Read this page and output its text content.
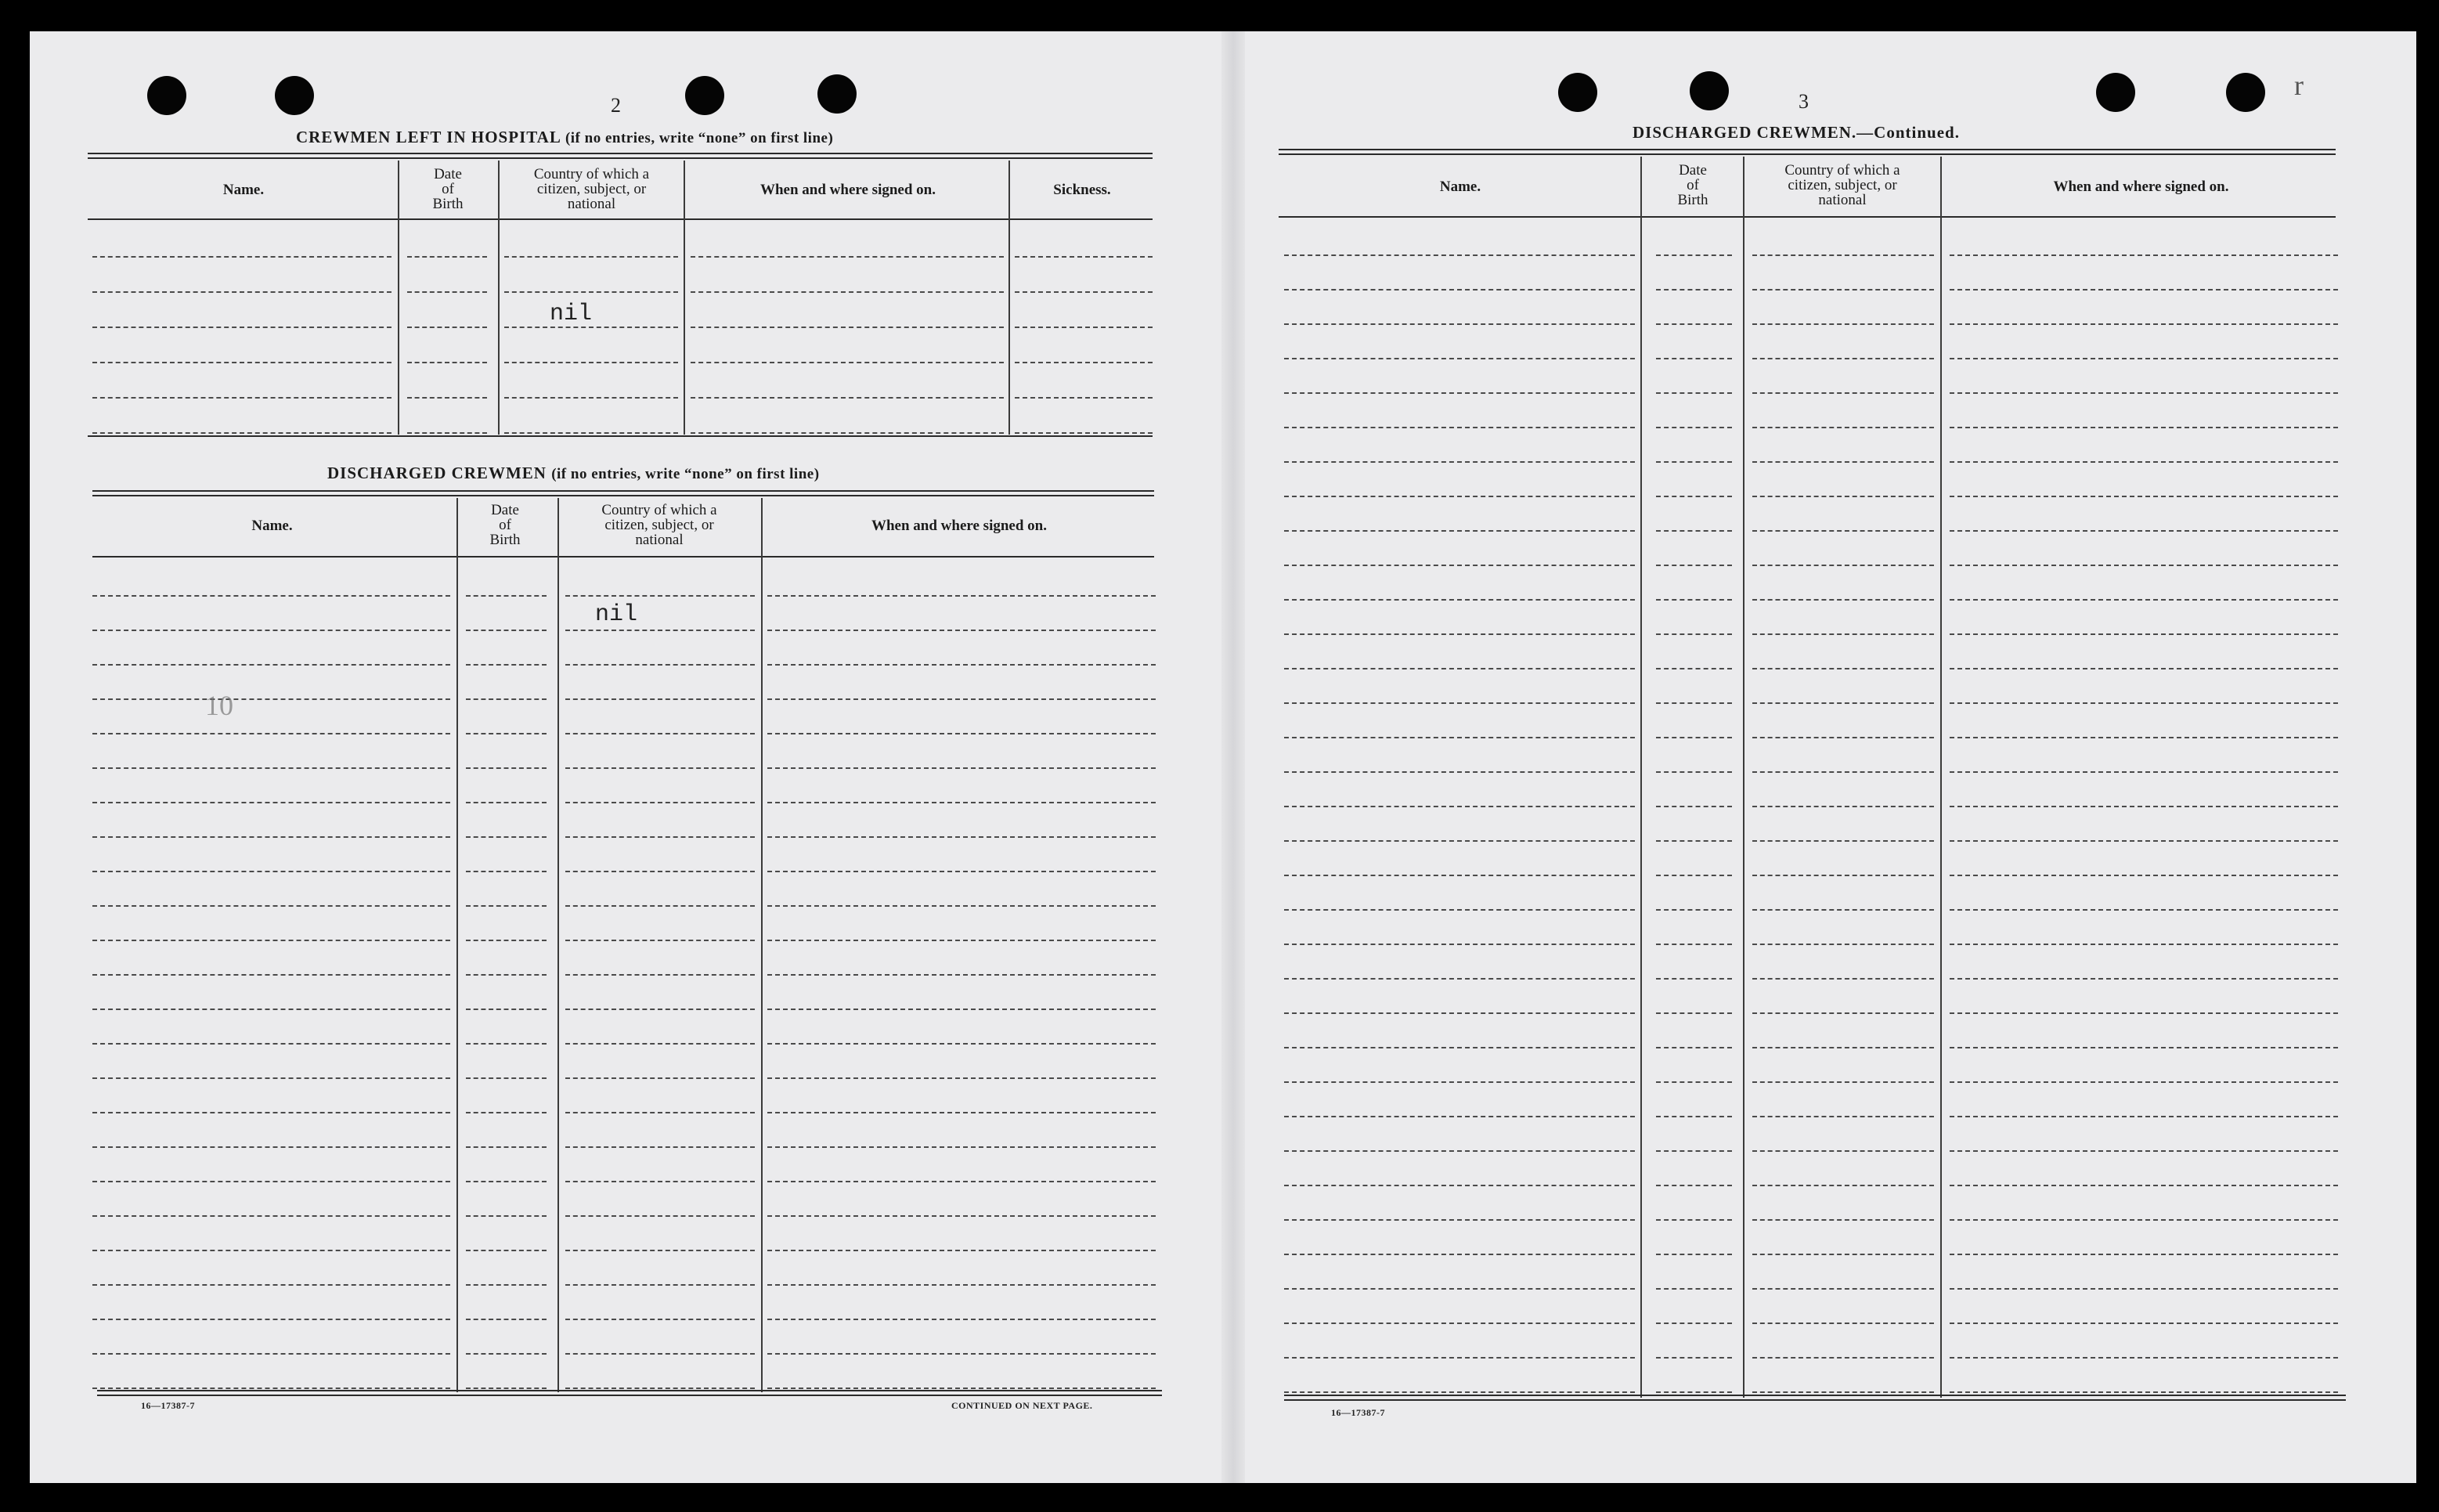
2
CREWMEN LEFT IN HOSPITAL (if no entries, write “none” on first line)
Name.
Date
of
Birth
Country of which a
citizen, subject, or
national
When and where signed on.	Sickness.
nil
DISCHARGED CREWMEN (if no entries, write “none” on first line)
Name.
Date
of
Birth
Country of which a
citizen, subject, or
national
When and where signed on.
nil
10
16—17387-7	CONTINUED ON NEXT PAGE.
3
r
DISCHARGED CREWMEN.—Continued.
Name.
Date
of
Birth
Country of which a
citizen, subject, or
national
When and where signed on.
16—17387-7
